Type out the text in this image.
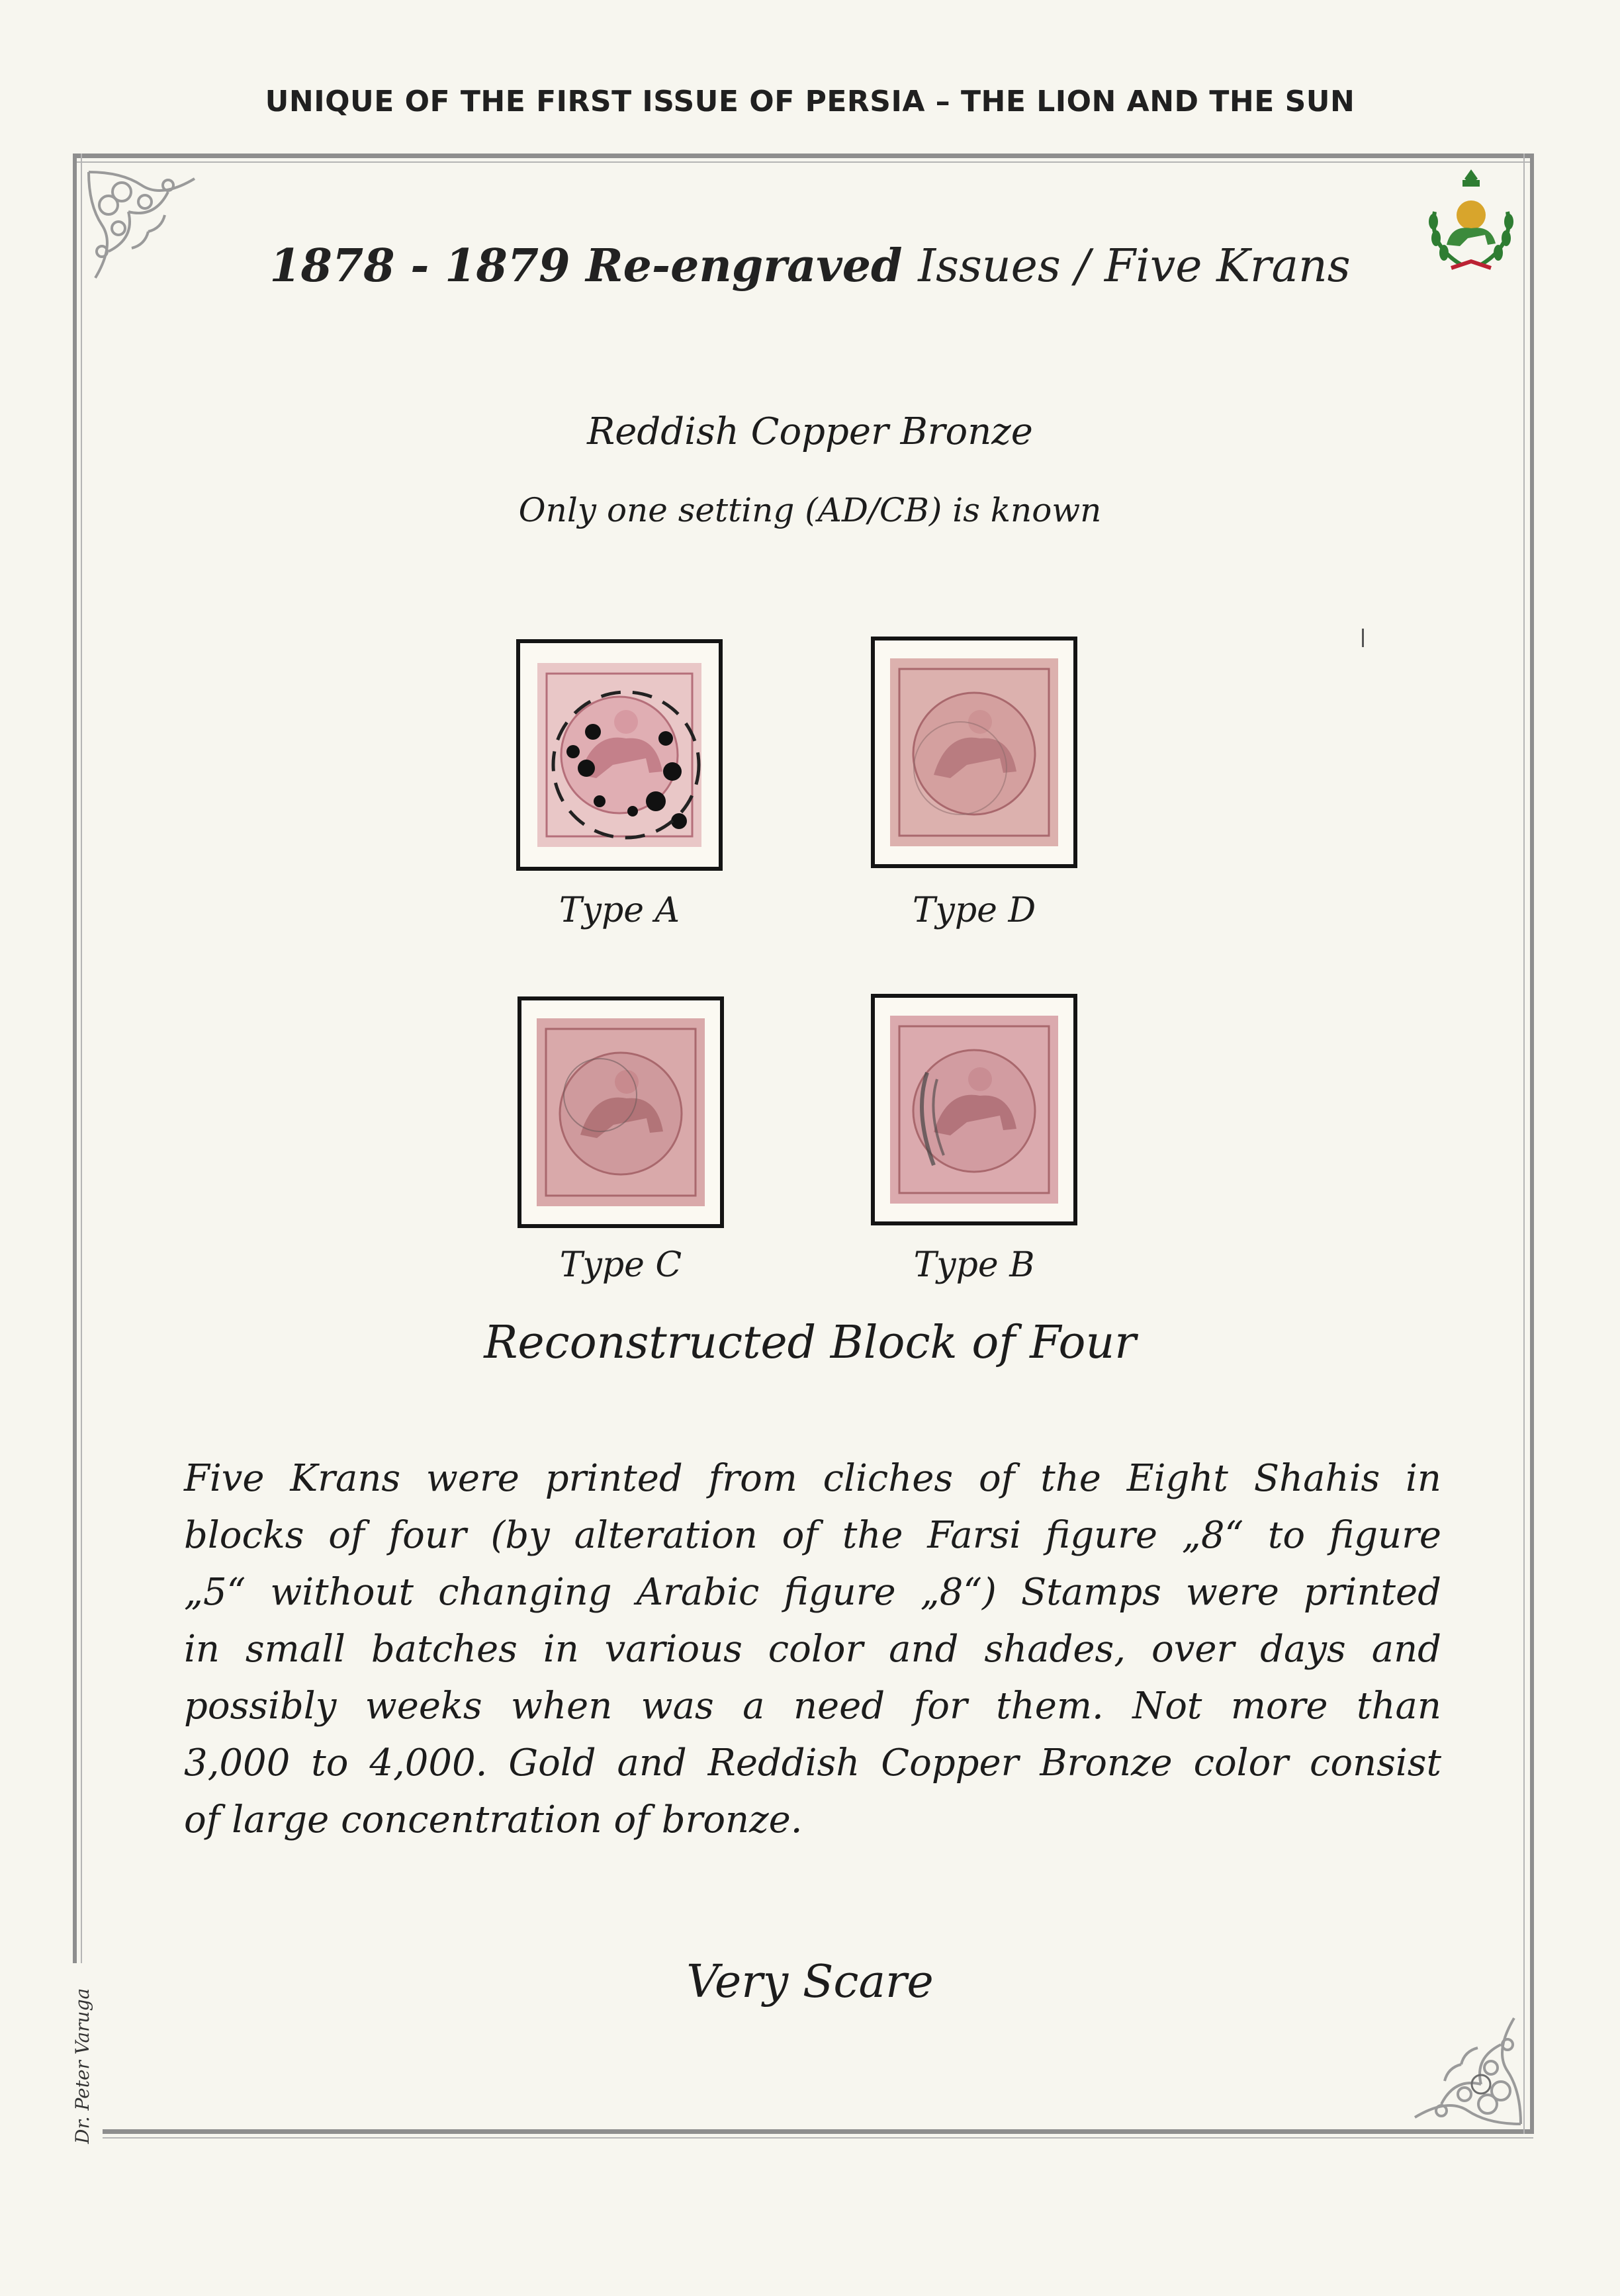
UNIQUE OF THE FIRST ISSUE OF PERSIA – THE LION AND THE SUN
1878 - 1879 Re-engraved Issues / Five Krans
Reddish Copper Bronze
Only one setting (AD/CB) is known
Type A	Type D
Type C	Type B
Reconstructed Block of Four
Five Krans were printed from cliches of the Eight Shahis in
blocks of four (by alteration of the Farsi figure „8“ to figure
„5“ without changing Arabic figure „8“) Stamps were printed
in small batches in various color and shades, over days and
possibly weeks when was a need for them. Not more than
3,000 to 4,000. Gold and Reddish Copper Bronze color consist
of large concentration of bronze.
Very Scare
Dr. Peter Varuga
